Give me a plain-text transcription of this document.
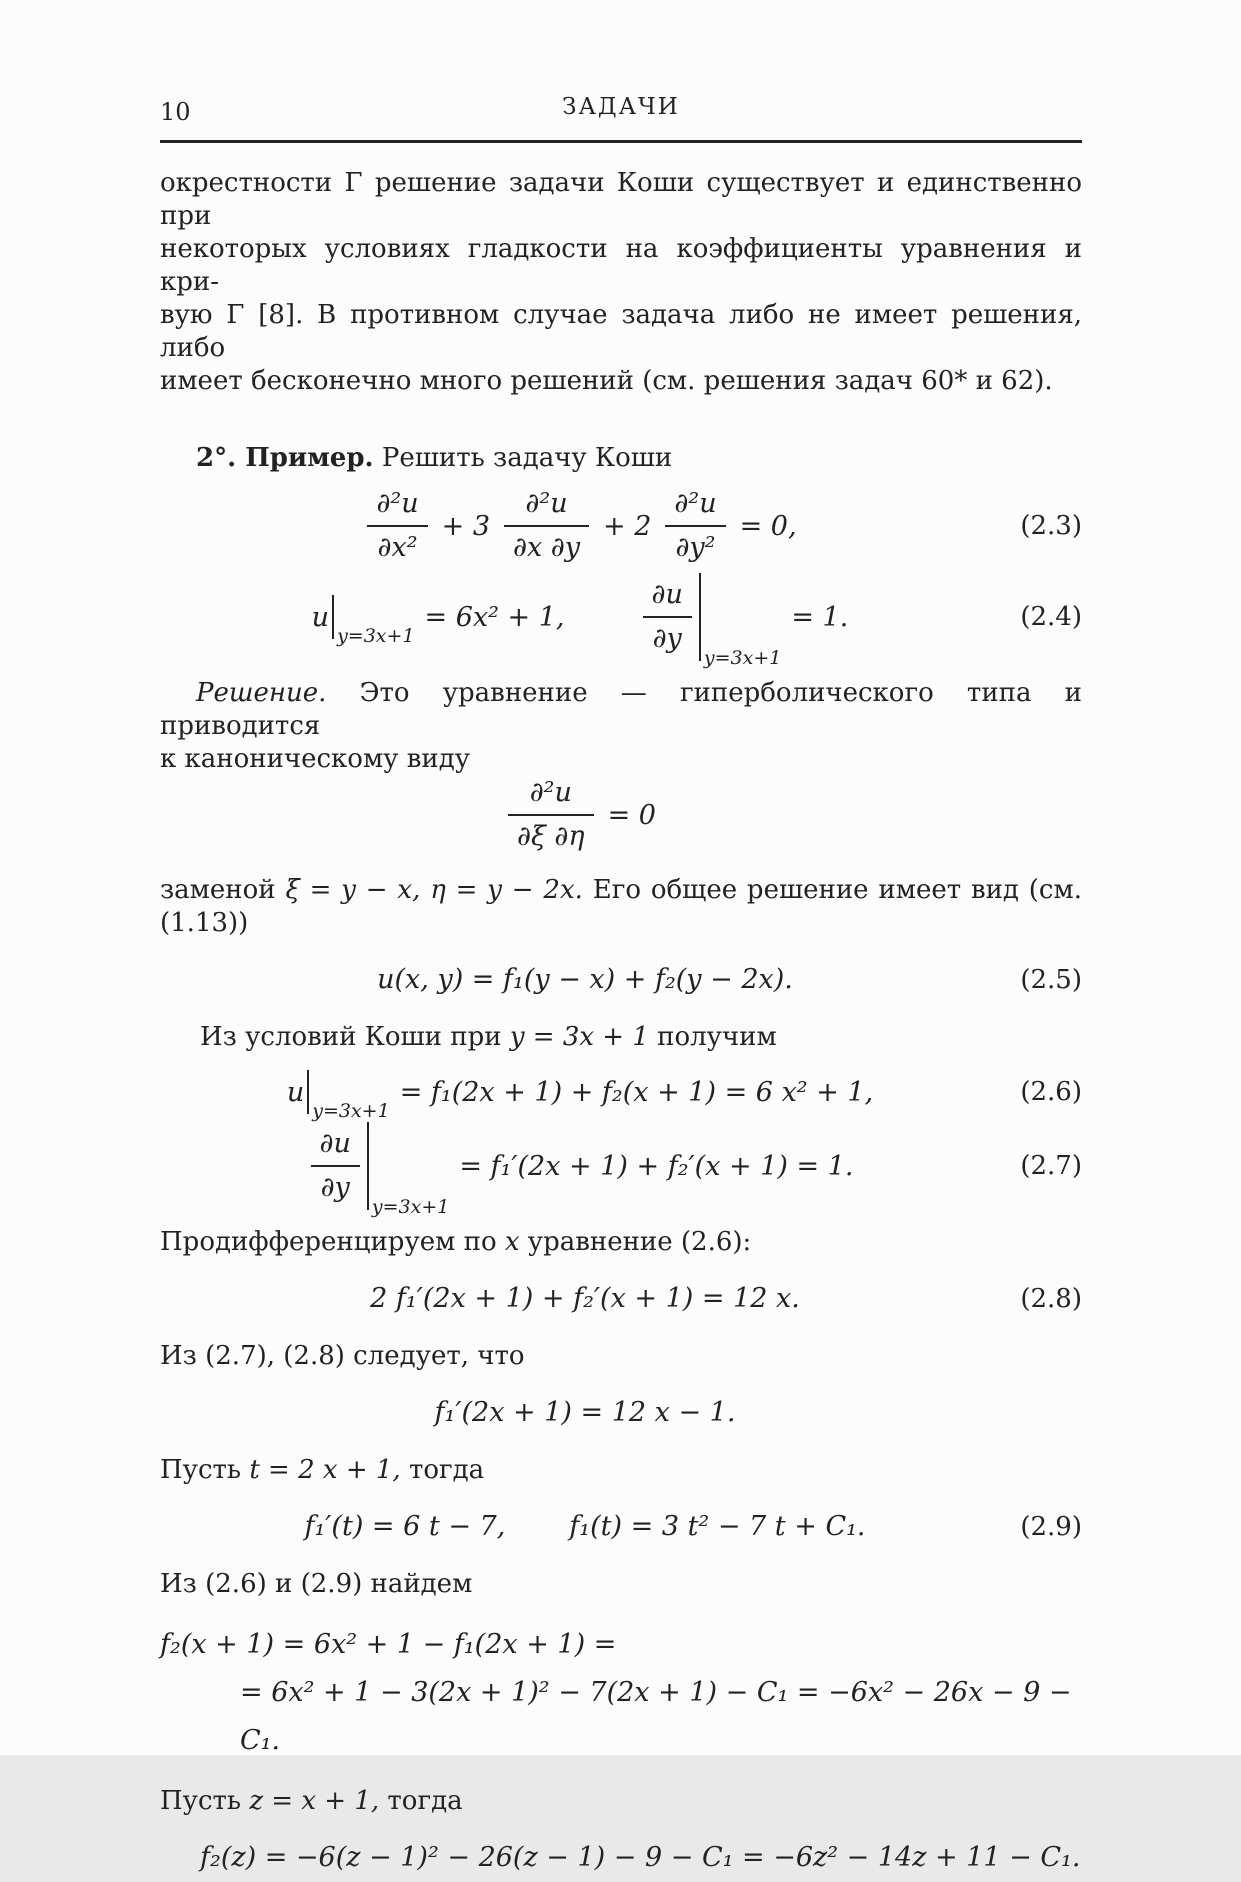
10	ЗАДАЧИ
окрестности Γ решение задачи Коши существует и единственно при
некоторых условиях гладкости на коэффициенты уравнения и кри-
вую Γ [8]. В противном случае задача либо не имеет решения, либо
имеет бесконечно много решений (см. решения задач 60* и 62).
2°. Пример. Решить задачу Коши
$\frac{\text{∂²u}}{\text{∂x²}} + 3 \frac{\text{∂²u}}{\partial x \partial y} + 2 \frac{\text{∂²u}}{\text{∂y²}} = 0$,	(2.3)
u
y=3x+1
= 6x² + 1,	$\frac{\partial u}{\partial y}$
y=3x+1
= 1.	(2.4)
Решение. Это уравнение — гиперболического типа и приводится
к каноническому виду
$\frac{\text{∂²u}}{\partial\xi \partial\eta} = 0$
заменой ξ = y − x, η = y − 2x. Его общее решение имеет вид (см. (1.13))
u(x, y) = f₁(y − x) + f₂(y − 2x).	(2.5)
Из условий Коши при y = 3x + 1 получим
u
y=3x+1
= f₁(2x + 1) + f₂(x + 1) = 6 x² + 1,	(2.6)
$\frac{\partial u}{\partial y}$
y=3x+1
= f₁′(2x + 1) + f₂′(x + 1) = 1.	(2.7)
Продифференцируем по x уравнение (2.6):
2 f₁′(2x + 1) + f₂′(x + 1) = 12 x.	(2.8)
Из (2.7), (2.8) следует, что
f₁′(2x + 1) = 12 x − 1.
Пусть t = 2 x + 1, тогда
f₁′(t) = 6 t − 7, f₁(t) = 3 t² − 7 t + C₁.	(2.9)
Из (2.6) и (2.9) найдем
f₂(x + 1) = 6x² + 1 − f₁(2x + 1) =
= 6x² + 1 − 3(2x + 1)² − 7(2x + 1) − C₁ = −6x² − 26x − 9 − C₁.
Пусть z = x + 1, тогда
f₂(z) = −6(z − 1)² − 26(z − 1) − 9 − C₁ = −6z² − 14z + 11 − C₁.
